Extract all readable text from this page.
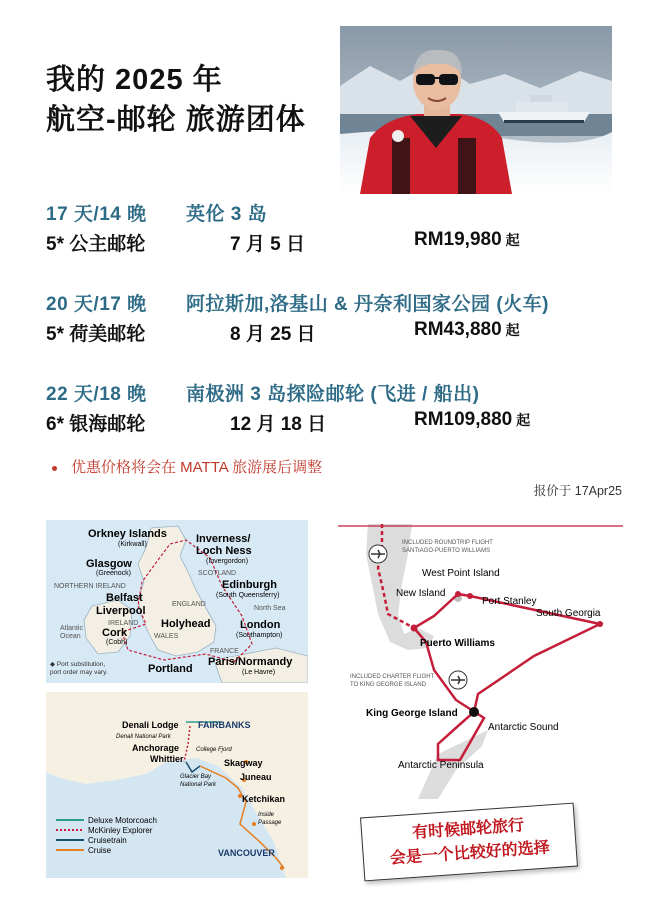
我的 2025 年
航空-邮轮 旅游团体
17 天/14 晚 英伦 3 岛
5* 公主邮轮	7 月 5 日	RM19,980 起
20 天/17 晚 阿拉斯加,洛基山 & 丹奈利国家公园 (火车)
5* 荷美邮轮	8 月 25 日	RM43,880 起
22 天/18 晚 南极洲 3 岛探险邮轮 (飞进 / 船出)
6* 银海邮轮	12 月 18 日	RM109,880 起
优惠价格将会在 MATTA 旅游展后调整
报价于 17Apr25
Orkney Islands
(Kirkwall)	Inverness/
Loch Ness
(Invergordon)
SCOTLAND
Glasgow
(Greenock)
NORTHERN IRELAND
Belfast
Edinburgh
(South Queensferry)
ENGLAND
North Sea
Liverpool
IRELAND Holyhead
Atlantic
Ocean Cork
(Cobh)
WALES
London
(Southampton)
FRANCE
Paris/Normandy
(Le Havre)
Portland
◆ Port substitution,
port order may vary.
Denali Lodge
Denali National Park
FAIRBANKS
Anchorage	College Fjord
Whittier	Skagway
Glacier Bay
National Park
Juneau
Ketchikan
Inside
Passage
VANCOUVER
Deluxe Motorcoach
McKinley Explorer
Cruisetrain
Cruise
INCLUDED ROUNDTRIP FLIGHT
SANTIAGO-PUERTO WILLIAMS
West Point Island
New Island
Port Stanley
South Georgia
Puerto Williams
INCLUDED CHARTER FLIGHT
TO KING GEORGE ISLAND
King George Island
Antarctic Sound
Antarctic Peninsula
有时候邮轮旅行
会是一个比较好的选择
